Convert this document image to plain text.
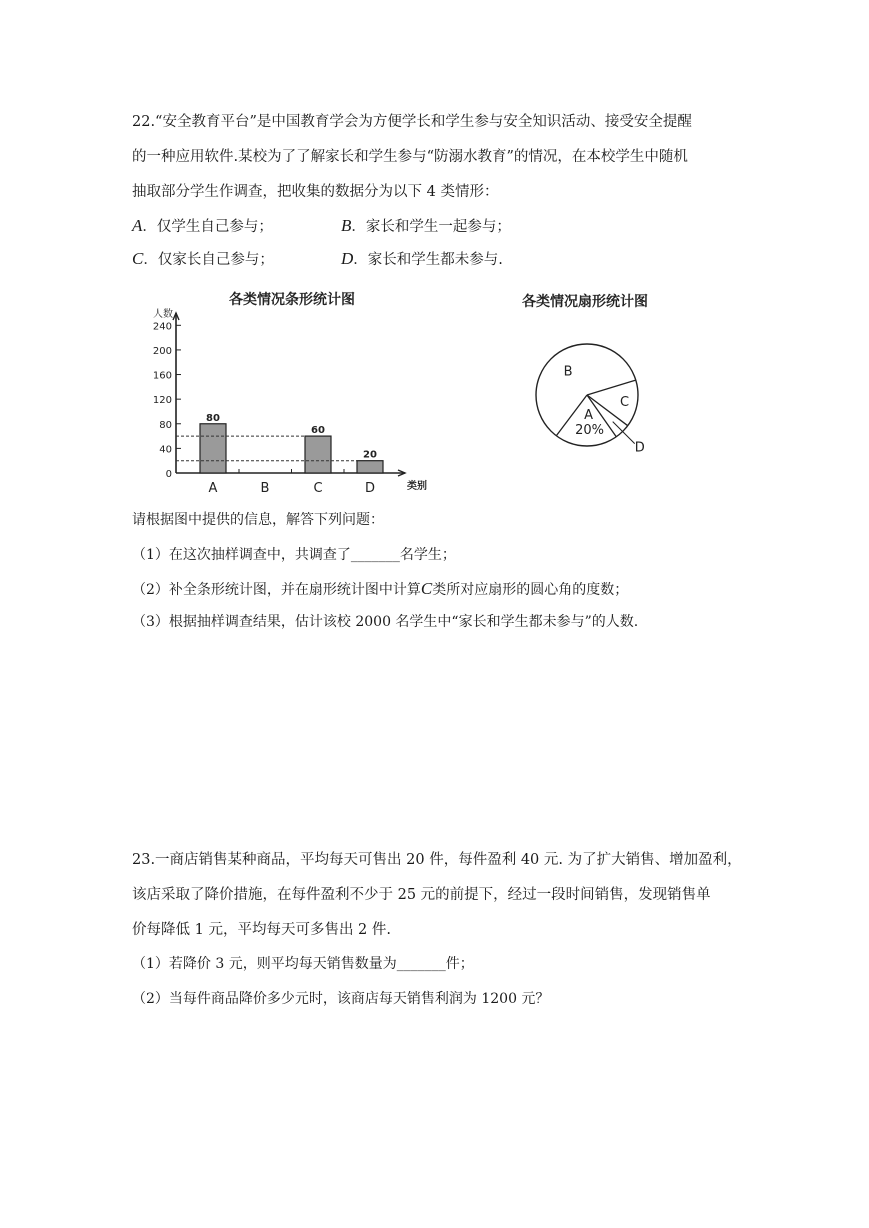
22.“安全教育平台”是中国教育学会为方便学长和学生参与安全知识活动、接受安全提醒
的一种应用软件.某校为了了解家长和学生参与“防溺水教育”的情况，在本校学生中随机
抽取部分学生作调查，把收集的数据分为以下 4 类情形：
A．仅学生自己参与；	B．家长和学生一起参与；
C．仅家长自己参与；	D．家长和学生都未参与.
各类情况条形统计图
人数
类别
0
40
80
120
160
200
240
A
80
B	C
60
D
20
各类情况扇形统计图
A
20%
B
C
D
请根据图中提供的信息，解答下列问题：
（1）在这次抽样调查中，共调查了_______名学生；
（2）补全条形统计图，并在扇形统计图中计算C类所对应扇形的圆心角的度数；
（3）根据抽样调查结果，估计该校 2000 名学生中“家长和学生都未参与”的人数.
23.一商店销售某种商品，平均每天可售出 20 件，每件盈利 40 元. 为了扩大销售、增加盈利，
该店采取了降价措施，在每件盈利不少于 25 元的前提下，经过一段时间销售，发现销售单
价每降低 1 元，平均每天可多售出 2 件.
（1）若降价 3 元，则平均每天销售数量为_______件；
（2）当每件商品降价多少元时，该商店每天销售利润为 1200 元？
